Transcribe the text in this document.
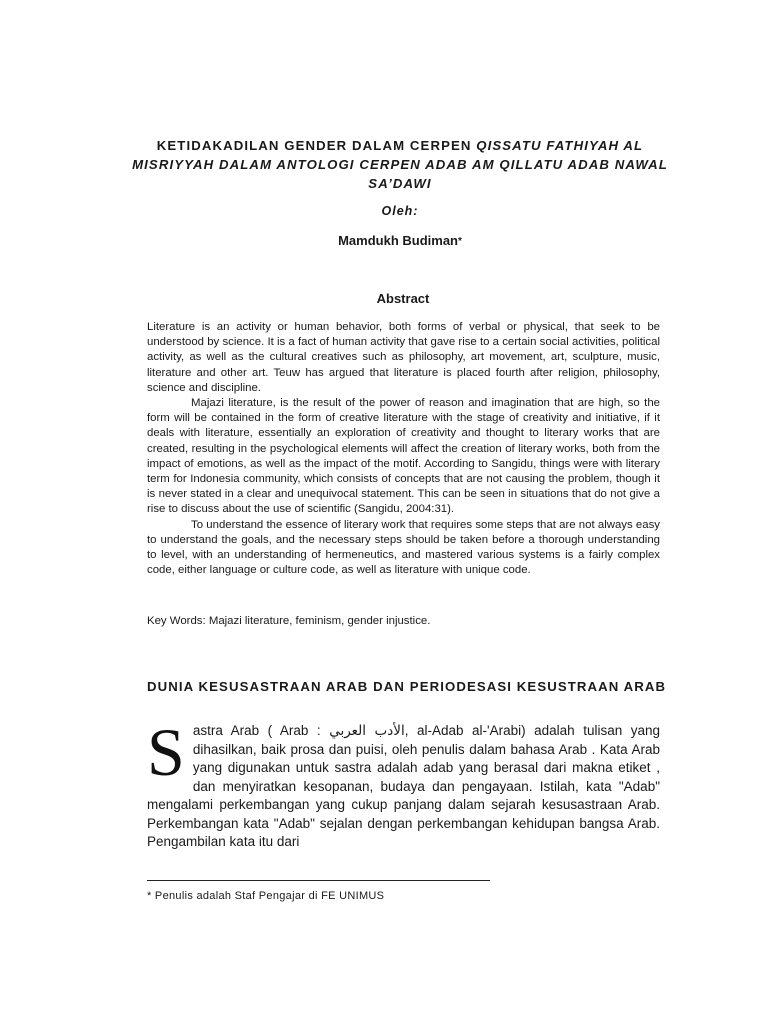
KETIDAKADILAN GENDER DALAM CERPEN QISSATU FATHIYAH AL MISRIYYAH DALAM ANTOLOGI CERPEN ADAB AM QILLATU ADAB NAWAL SA’DAWI
Oleh:
Mamdukh Budiman*
Abstract

Literature is an activity or human behavior, both forms of verbal or physical, that seek to be understood by science. It is a fact of human activity that gave rise to a certain social activities, political activity, as well as the cultural creatives such as philosophy, art movement, art, sculpture, music, literature and other art. Teuw has argued that literature is placed fourth after religion, philosophy, science and discipline.

Majazi literature, is the result of the power of reason and imagination that are high, so the form will be contained in the form of creative literature with the stage of creativity and initiative, if it deals with literature, essentially an exploration of creativity and thought to literary works that are created, resulting in the psychological elements will affect the creation of literary works, both from the impact of emotions, as well as the impact of the motif. According to Sangidu, things were with literary term for Indonesia community, which consists of concepts that are not causing the problem, though it is never stated in a clear and unequivocal statement. This can be seen in situations that do not give a rise to discuss about the use of scientific (Sangidu, 2004:31).

To understand the essence of literary work that requires some steps that are not always easy to understand the goals, and the necessary steps should be taken before a thorough understanding to level, with an understanding of hermeneutics, and mastered various systems is a fairly complex code, either language or culture code, as well as literature with unique code.

Key Words: Majazi literature, feminism, gender injustice.
DUNIA KESUSASTRAAN ARAB DAN PERIODESASI KESUSTRAAN ARAB
Sastra Arab ( Arab : الأدب العربي, al-Adab al-'Arabi) adalah tulisan yang dihasilkan, baik prosa dan puisi, oleh penulis dalam bahasa Arab . Kata Arab yang digunakan untuk sastra adalah adab yang berasal dari makna etiket , dan menyiratkan kesopanan, budaya dan pengayaan. Istilah, kata "Adab" mengalami perkembangan yang cukup panjang dalam sejarah kesusastraan Arab. Perkembangan kata "Adab" sejalan dengan perkembangan kehidupan bangsa Arab. Pengambilan kata itu dari
* Penulis adalah Staf Pengajar di FE UNIMUS
